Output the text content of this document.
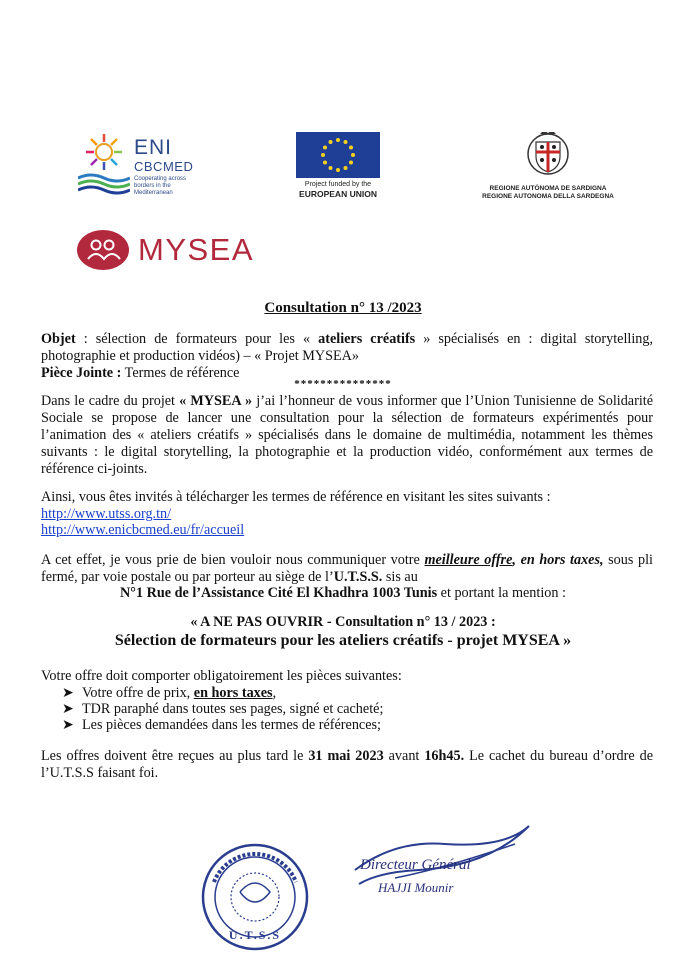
ENI
CBCMED
Cooperating across borders in the Mediterranean
Project funded by the
EUROPEAN UNION
REGIONE AUTÒNOMA DE SARDIGNA
REGIONE AUTONOMA DELLA SARDEGNA
MYSEA
Consultation n° 13 /2023
Objet : sélection de formateurs pour les « ateliers créatifs » spécialisés en : digital storytelling, photographie et production vidéos) – « Projet MYSEA»
Pièce Jointe : Termes de référence
***************
Dans le cadre du projet « MYSEA » j’ai l’honneur de vous informer que l’Union Tunisienne de Solidarité Sociale se propose de lancer une consultation pour la sélection de formateurs expérimentés pour l’animation des « ateliers créatifs » spécialisés dans le domaine de multimédia, notamment les thèmes suivants : le digital storytelling, la photographie et la production vidéo, conformément aux termes de référence ci-joints.
Ainsi, vous êtes invités à télécharger les termes de référence en visitant les sites suivants :
http://www.utss.org.tn/
http://www.enicbcmed.eu/fr/accueil
A cet effet, je vous prie de bien vouloir nous communiquer votre meilleure offre, en hors taxes, sous pli fermé, par voie postale ou par porteur au siège de l’U.T.S.S. sis au
N°1 Rue de l’Assistance Cité El Khadhra 1003 Tunis et portant la mention :
« A NE PAS OUVRIR - Consultation n° 13 / 2023 :
Sélection de formateurs pour les ateliers créatifs - projet MYSEA »
Votre offre doit comporter obligatoirement les pièces suivantes:
➤ Votre offre de prix, en hors taxes,
➤ TDR paraphé dans toutes ses pages, signé et cacheté;
➤ Les pièces demandées dans les termes de références;
Les offres doivent être reçues au plus tard le 31 mai 2023 avant 16h45. Le cachet du bureau d’ordre de l’U.T.S.S faisant foi.
U.T.S.S
Directeur Général
HAJJI Mounir
